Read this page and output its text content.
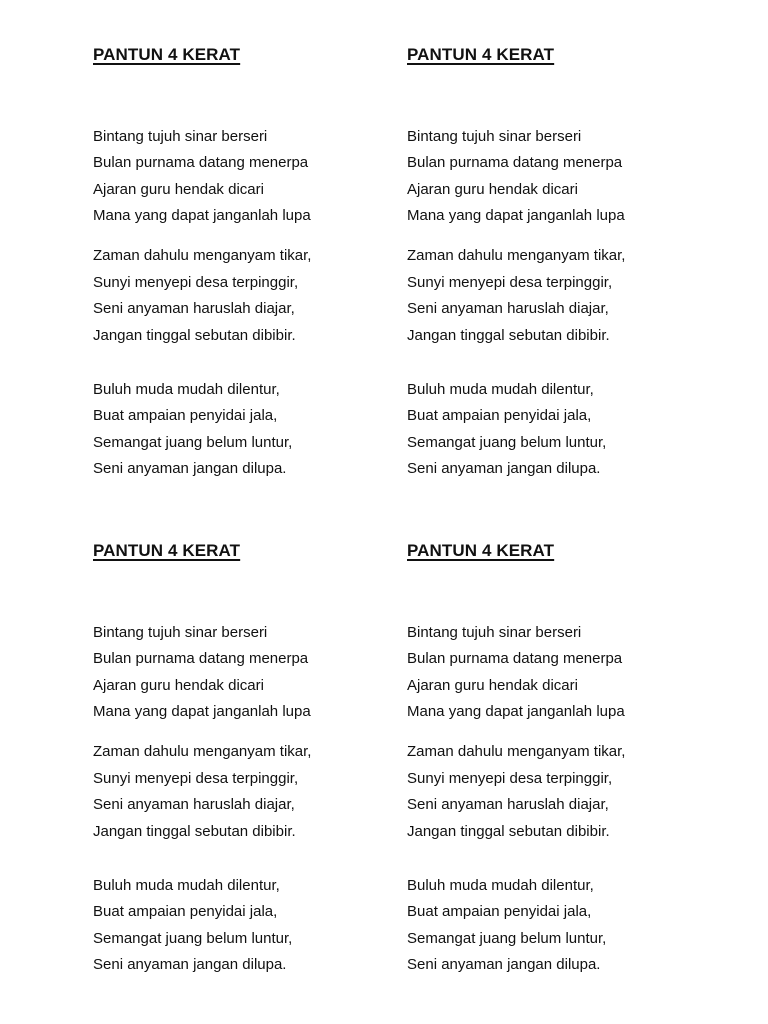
PANTUN 4 KERAT

Bintang tujuh sinar berseri

Bulan purnama datang menerpa

Ajaran guru hendak dicari

Mana yang dapat janganlah lupa

Zaman dahulu menganyam tikar,

Sunyi menyepi desa terpinggir,

Seni anyaman haruslah diajar,

Jangan tinggal sebutan dibibir.

Buluh muda mudah dilentur,

Buat ampaian penyidai jala,

Semangat juang belum luntur,

Seni anyaman jangan dilupa.

PANTUN 4 KERAT

Bintang tujuh sinar berseri

Bulan purnama datang menerpa

Ajaran guru hendak dicari

Mana yang dapat janganlah lupa

Zaman dahulu menganyam tikar,

Sunyi menyepi desa terpinggir,

Seni anyaman haruslah diajar,

Jangan tinggal sebutan dibibir.

Buluh muda mudah dilentur,

Buat ampaian penyidai jala,

Semangat juang belum luntur,

Seni anyaman jangan dilupa.

PANTUN 4 KERAT

Bintang tujuh sinar berseri

Bulan purnama datang menerpa

Ajaran guru hendak dicari

Mana yang dapat janganlah lupa

Zaman dahulu menganyam tikar,

Sunyi menyepi desa terpinggir,

Seni anyaman haruslah diajar,

Jangan tinggal sebutan dibibir.

Buluh muda mudah dilentur,

Buat ampaian penyidai jala,

Semangat juang belum luntur,

Seni anyaman jangan dilupa.

PANTUN 4 KERAT

Bintang tujuh sinar berseri

Bulan purnama datang menerpa

Ajaran guru hendak dicari

Mana yang dapat janganlah lupa

Zaman dahulu menganyam tikar,

Sunyi menyepi desa terpinggir,

Seni anyaman haruslah diajar,

Jangan tinggal sebutan dibibir.

Buluh muda mudah dilentur,

Buat ampaian penyidai jala,

Semangat juang belum luntur,

Seni anyaman jangan dilupa.
